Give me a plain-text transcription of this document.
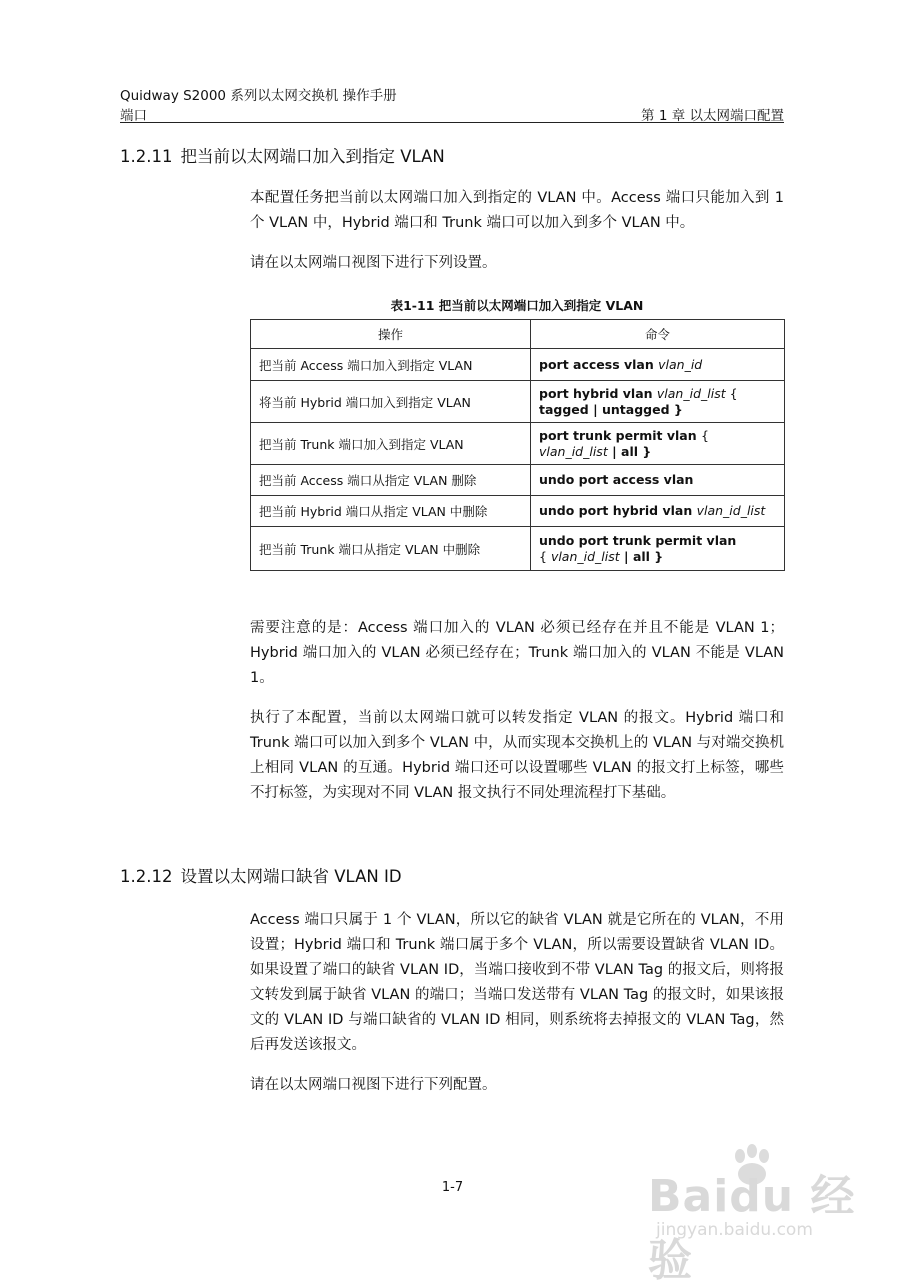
Quidway S2000 系列以太网交换机 操作手册
端口	第 1 章 以太网端口配置
1.2.11 把当前以太网端口加入到指定 VLAN

本配置任务把当前以太网端口加入到指定的 VLAN 中。Access 端口只能加入到 1 个 VLAN 中，Hybrid 端口和 Trunk 端口可以加入到多个 VLAN 中。

请在以太网端口视图下进行下列设置。

表1-11 把当前以太网端口加入到指定 VLAN
操作	命令
把当前 Access 端口加入到指定 VLAN	port access vlan vlan_id
将当前 Hybrid 端口加入到指定 VLAN	port hybrid vlan vlan_id_list { tagged | untagged }
把当前 Trunk 端口加入到指定 VLAN	port trunk permit vlan { vlan_id_list | all }
把当前 Access 端口从指定 VLAN 删除	undo port access vlan
把当前 Hybrid 端口从指定 VLAN 中删除	undo port hybrid vlan vlan_id_list
把当前 Trunk 端口从指定 VLAN 中删除	undo port trunk permit vlan
{ vlan_id_list | all }

需要注意的是：Access 端口加入的 VLAN 必须已经存在并且不能是 VLAN 1；Hybrid 端口加入的 VLAN 必须已经存在；Trunk 端口加入的 VLAN 不能是 VLAN 1。

执行了本配置，当前以太网端口就可以转发指定 VLAN 的报文。Hybrid 端口和 Trunk 端口可以加入到多个 VLAN 中，从而实现本交换机上的 VLAN 与对端交换机上相同 VLAN 的互通。Hybrid 端口还可以设置哪些 VLAN 的报文打上标签，哪些不打标签，为实现对不同 VLAN 报文执行不同处理流程打下基础。

1.2.12 设置以太网端口缺省 VLAN ID

Access 端口只属于 1 个 VLAN，所以它的缺省 VLAN 就是它所在的 VLAN，不用设置；Hybrid 端口和 Trunk 端口属于多个 VLAN，所以需要设置缺省 VLAN ID。如果设置了端口的缺省 VLAN ID，当端口接收到不带 VLAN Tag 的报文后，则将报文转发到属于缺省 VLAN 的端口；当端口发送带有 VLAN Tag 的报文时，如果该报文的 VLAN ID 与端口缺省的 VLAN ID 相同，则系统将去掉报文的 VLAN Tag，然后再发送该报文。

请在以太网端口视图下进行下列配置。

1-7	Baidu 经验
jingyan.baidu.com
